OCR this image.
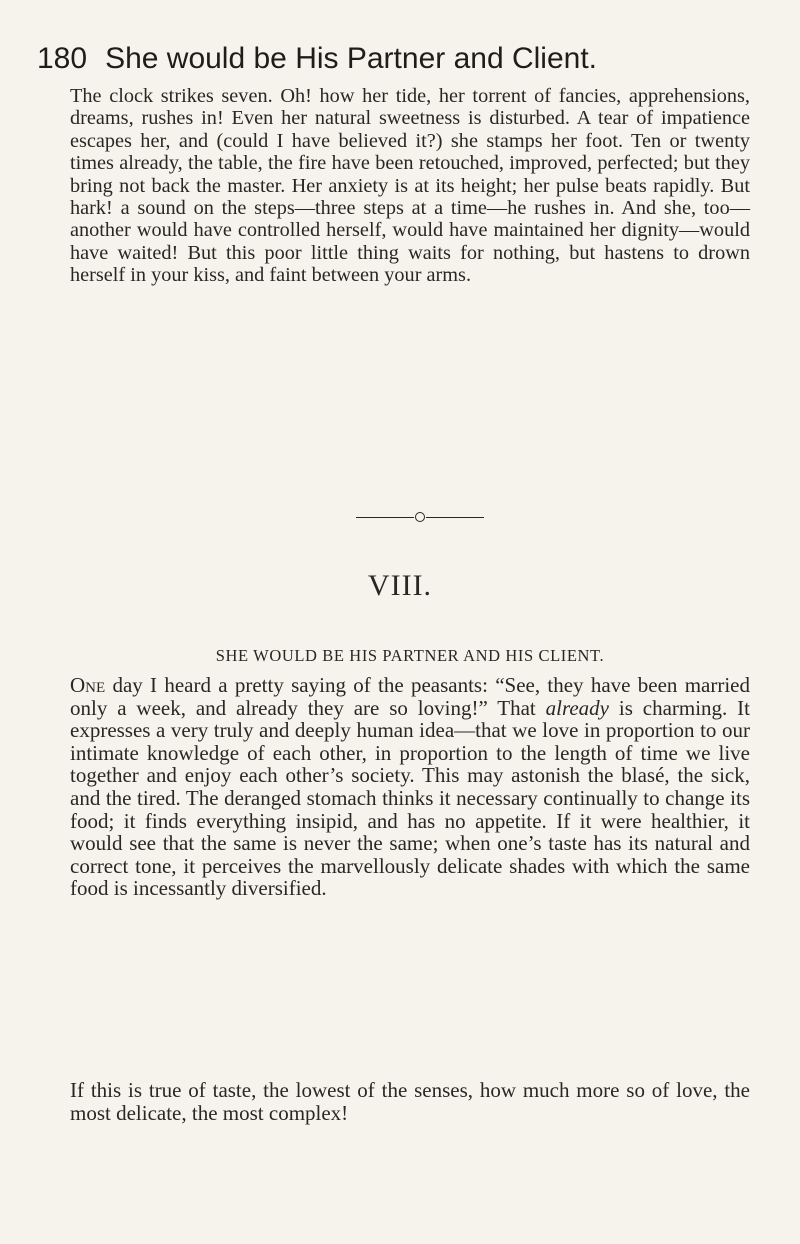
180 She would be His Partner and Client.

The clock strikes seven. Oh! how her tide, her torrent of fancies, apprehensions, dreams, rushes in! Even her natural sweetness is disturbed. A tear of impatience escapes her, and (could I have believed it?) she stamps her foot. Ten or twenty times already, the table, the fire have been retouched, improved, perfected; but they bring not back the master. Her anxiety is at its height; her pulse beats rapidly. But hark! a sound on the steps—three steps at a time—he rushes in. And she, too—another would have controlled herself, would have maintained her dignity—would have waited! But this poor little thing waits for nothing, but hastens to drown herself in your kiss, and faint between your arms.

VIII.
SHE WOULD BE HIS PARTNER AND HIS CLIENT.

One day I heard a pretty saying of the peasants: “See, they have been married only a week, and already they are so loving!” That already is charming. It expresses a very truly and deeply human idea—that we love in proportion to our intimate knowledge of each other, in proportion to the length of time we live together and enjoy each other’s society. This may astonish the blasé, the sick, and the tired. The deranged stomach thinks it necessary continually to change its food; it finds everything insipid, and has no appetite. If it were healthier, it would see that the same is never the same; when one’s taste has its natural and correct tone, it perceives the marvellously delicate shades with which the same food is incessantly diversified.

If this is true of taste, the lowest of the senses, how much more so of love, the most delicate, the most complex!
